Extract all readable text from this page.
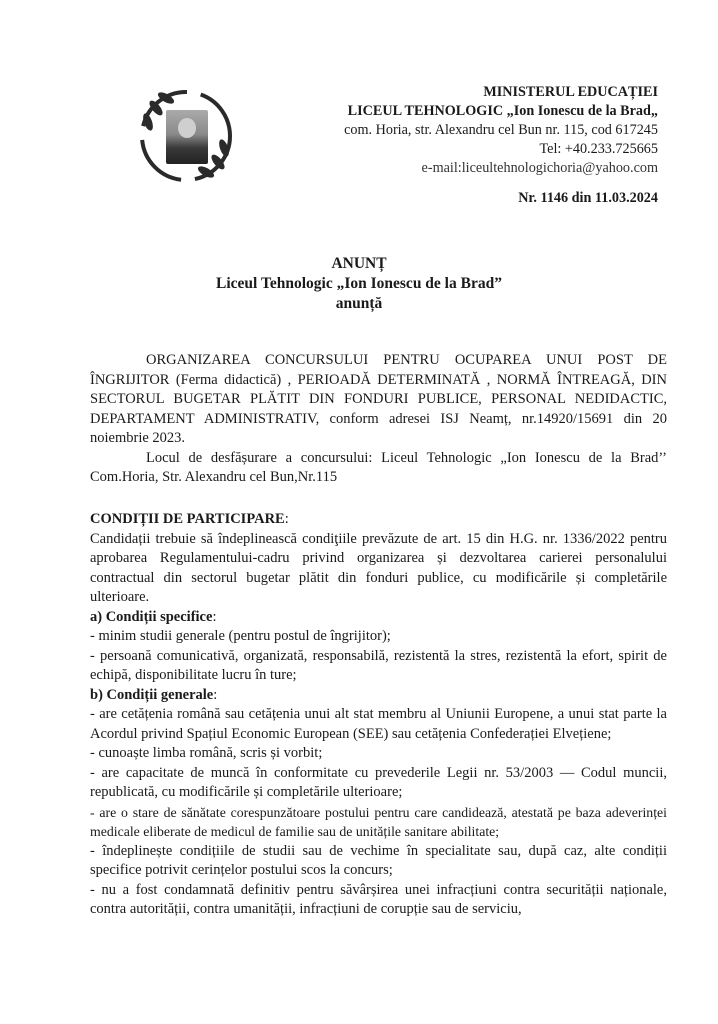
MINISTERUL EDUCAȚIEI
LICEUL TEHNOLOGIC „Ion Ionescu de la Brad„
com. Horia, str. Alexandru cel Bun nr. 115, cod 617245
Tel: +40.233.725665
e-mail:liceultehnologichoria@yahoo.com
Nr. 1146 din 11.03.2024
ANUNȚ
Liceul Tehnologic „Ion Ionescu de la Brad”
anunță

ORGANIZAREA CONCURSULUI PENTRU OCUPAREA UNUI POST DE ÎNGRIJITOR (Ferma didactică) , PERIOADĂ DETERMINATĂ , NORMĂ ÎNTREAGĂ, DIN SECTORUL BUGETAR PLĂTIT DIN FONDURI PUBLICE, PERSONAL NEDIDACTIC, DEPARTAMENT ADMINISTRATIV, conform adresei ISJ Neamț, nr.14920/15691 din 20 noiembrie 2023.

Locul de desfășurare a concursului: Liceul Tehnologic „Ion Ionescu de la Brad’’ Com.Horia, Str. Alexandru cel Bun,Nr.115

CONDIȚII DE PARTICIPARE:

Candidații trebuie să îndeplinească condiţiile prevăzute de art. 15 din H.G. nr. 1336/2022 pentru aprobarea Regulamentului-cadru privind organizarea și dezvoltarea carierei personalului contractual din sectorul bugetar plătit din fonduri publice, cu modificările și completările ulterioare.

a) Condiții specifice:

- minim studii generale (pentru postul de îngrijitor);

- persoană comunicativă, organizată, responsabilă, rezistentă la stres, rezistentă la efort, spirit de echipă, disponibilitate lucru în ture;

b) Condiții generale:

- are cetățenia română sau cetățenia unui alt stat membru al Uniunii Europene, a unui stat parte la Acordul privind Spațiul Economic European (SEE) sau cetățenia Confederației Elvețiene;

- cunoaște limba română, scris și vorbit;

- are capacitate de muncă în conformitate cu prevederile Legii nr. 53/2003 — Codul muncii, republicată, cu modificările și completările ulterioare;

- are o stare de sănătate corespunzătoare postului pentru care candidează, atestată pe baza adeverinței medicale eliberate de medicul de familie sau de unitățile sanitare abilitate;

- îndeplinește condițiile de studii sau de vechime în specialitate sau, după caz, alte condiții specifice potrivit cerințelor postului scos la concurs;

- nu a fost condamnată definitiv pentru săvârșirea unei infracțiuni contra securității naționale, contra autorității, contra umanității, infracțiuni de corupție sau de serviciu,
